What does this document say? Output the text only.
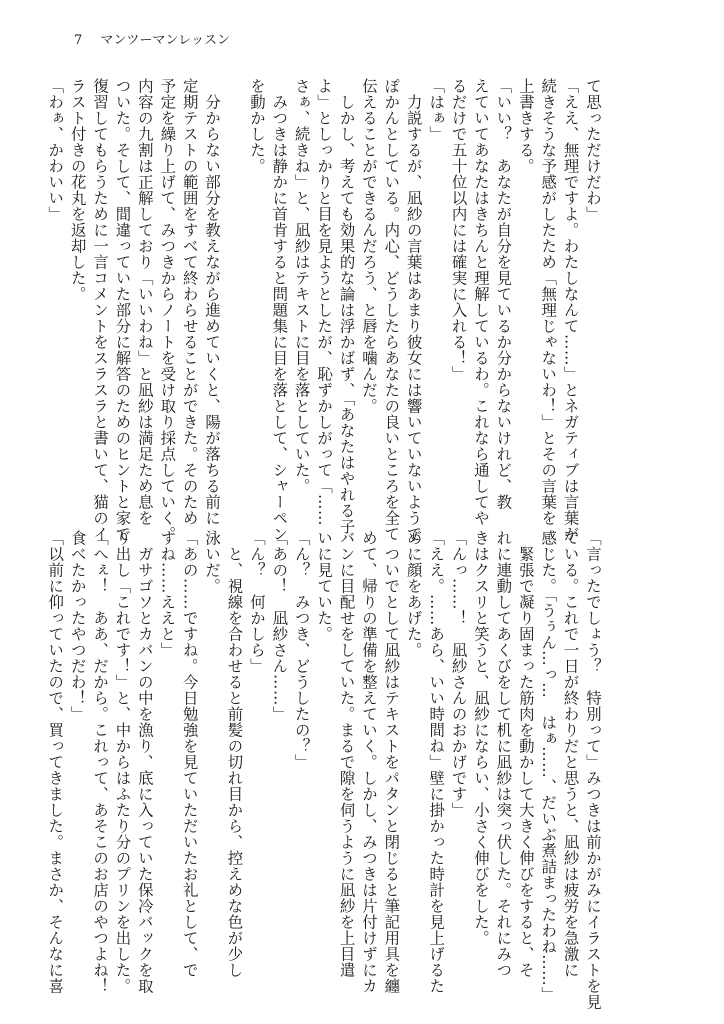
7 マンツーマンレッスン
て思っただけだわ」
「ええ、無理ですよ。わたしなんて……」とネガティブは言葉が
続きそうな予感がしたため「無理じゃないわ！」とその言葉を
上書きする。
「いい？　あなたが自分を見ているか分からないけれど、教
えていてあなたはきちんと理解しているわ。これなら通してや
るだけで五十位以内には確実に入れる！」
「はぁ」
　力説するが、凪紗の言葉はあまり彼女には響いていないようで
ぽかんとしている。内心、どうしたらあなたの良いところを全て
伝えることができるんだろう、と唇を噛んだ。
　しかし、考えても効果的な論は浮かばず、「あなたはやれる子
よ」としっかりと目を見ようとしたが、恥ずかしがって「……
さぁ、続きね」と、凪紗はテキストに目を落としていた。
　みつきは静かに首肯すると問題集に目を落として、シャーペン
を動かした。

　分からない部分を教えながら進めていくと、陽が落ちる前に
定期テストの範囲をすべて終わらせることができた。そのため
予定を繰り上げて、みつきからノートを受け取り採点していく。
内容の九割は正解しており「いいわね」と凪紗は満足ため息を
ついた。そして、間違っていた部分に解答のためのヒントと家で
復習してもらうために一言コメントをスラスラと書いて、猫のイ
ラスト付きの花丸を返却した。
「わぁ、かわいい」
「言ったでしょう？　特別って」みつきは前かがみにイラストを見
ている。これで一日が終わりだと思うと、凪紗は疲労を急激に
感じた。「うぅん…っ…　はぁ……、だいぶ煮詰まったわね……」
　緊張で凝り固まった筋肉を動かして大きく伸びをすると、そ
れに連動してあくびをして机に凪紗は突っ伏した。それにみつ
きはクスリと笑うと、凪紗にならい、小さく伸びをした。
「んっ……！　凪紗さんのおかげです」
「ええ。……あら、いい時間ね」壁に掛かった時計を見上げるた
めに顔をあげた。
　ついでとして凪紗はテキストをパタンと閉じると筆記用具を纏
めて、帰りの準備を整えていく。しかし、みつきは片付けずにカ
バンに目配せをしていた。まるで隙を伺うように凪紗を上目遣
いに見ていた。
「ん？　みつき、どうしたの？」
「あの！　凪紗さん……」
「ん？　何かしら」
　と、視線を合わせると前髪の切れ目から、控えめな色が少し
泳いだ。
「あの……ですね。今日勉強を見ていただいたお礼として、で
すね……ええと」
　ガサゴソとカバンの中を漁り、底に入っていた保冷バックを取
り出し「これです！」と、中からはふたり分のプリンを出した。
「へぇ！　ああ、だから。これって、あそこのお店のやつよね！
食べたかったやつだわ！」
「以前に仰っていたので、買ってきました。まさか、そんなに喜
